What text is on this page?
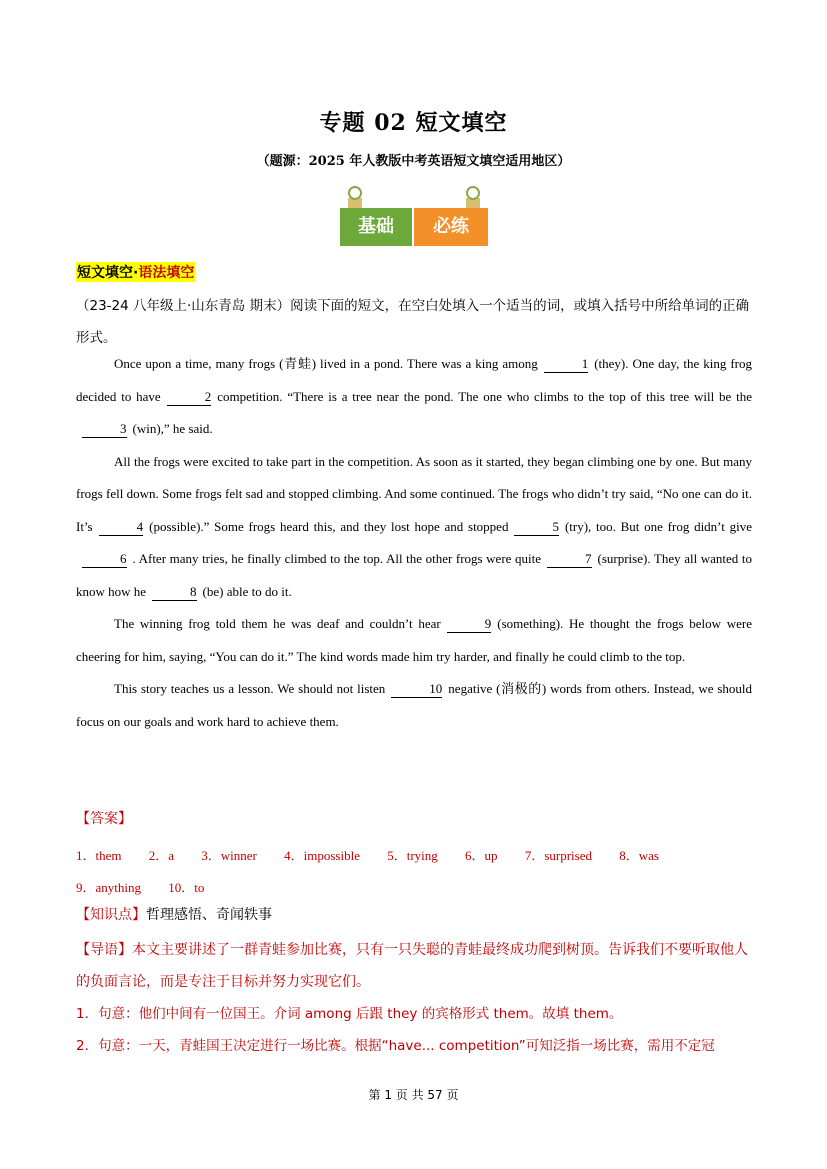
专题 02 短文填空
（题源：2025 年人教版中考英语短文填空适用地区）
基础	必练
短文填空·语法填空
（23-24 八年级上·山东青岛 期末）阅读下面的短文，在空白处填入一个适当的词，或填入括号中所给单词的正确形式。

Once upon a time, many frogs (青蛙) lived in a pond. There was a king among	1 (they). One day, the king frog decided to have	2 competition. “There is a tree near the pond. The one who climbs to the top of this tree will be the3 (win),” he said.

All the frogs were excited to take part in the competition. As soon as it started, they began climbing one by one. But many frogs fell down. Some frogs felt sad and stopped climbing. And some continued. The frogs who didn’t try said, “No one can do it. It’s	4 (possible).” Some frogs heard this, and they lost hope and stopped	5 (try), too. But one frog didn’t give6 . After many tries, he finally climbed to the top. All the other frogs were quite	7 (surprise). They all wanted to know how he	8 (be) able to do it.

The winning frog told them he was deaf and couldn’t hear	9 (something). He thought the frogs below were cheering for him, saying, “You can do it.” The kind words made him try harder, and finally he could climb to the top.

This story teaches us a lesson. We should not listen	10 negative (消极的) words from others. Instead, we should focus on our goals and work hard to achieve them.

【答案】
1．them 2．a 3．winner 4．impossible 5．trying 6．up 7．surprised 8．was
9．anything 10．to
【知识点】哲理感悟、奇闻轶事
【导语】本文主要讲述了一群青蛙参加比赛，只有一只失聪的青蛙最终成功爬到树顶。告诉我们不要听取他人的负面言论，而是专注于目标并努力实现它们。

1．句意：他们中间有一位国王。介词 among 后跟 they 的宾格形式 them。故填 them。

2．句意：一天，青蛙国王决定进行一场比赛。根据“have... competition”可知泛指一场比赛，需用不定冠

第 1 页 共 57 页
